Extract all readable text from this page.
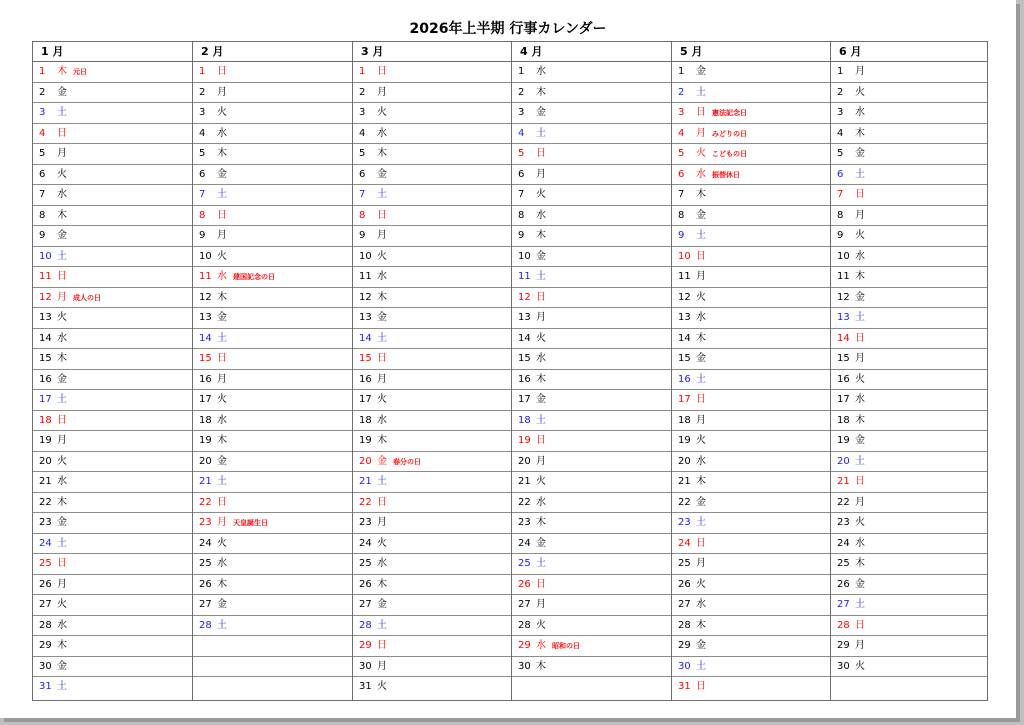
2026年上半期 行事カレンダー
1 月
1 木 元日
2 金
3 土
4 日
5 月
6 火
7 水
8 木
9 金
10 土
11 日
12 月 成人の日
13 火
14 水
15 木
16 金
17 土
18 日
19 月
20 火
21 水
22 木
23 金
24 土
25 日
26 月
27 火
28 水
29 木
30 金
31 土
2 月
1 日
2 月
3 火
4 水
5 木
6 金
7 土
8 日
9 月
10 火
11 水 建国記念の日
12 木
13 金
14 土
15 日
16 月
17 火
18 水
19 木
20 金
21 土
22 日
23 月 天皇誕生日
24 火
25 水
26 木
27 金
28 土
3 月
1 日
2 月
3 火
4 水
5 木
6 金
7 土
8 日
9 月
10 火
11 水
12 木
13 金
14 土
15 日
16 月
17 火
18 水
19 木
20 金 春分の日
21 土
22 日
23 月
24 火
25 水
26 木
27 金
28 土
29 日
30 月
31 火
4 月
1 水
2 木
3 金
4 土
5 日
6 月
7 火
8 水
9 木
10 金
11 土
12 日
13 月
14 火
15 水
16 木
17 金
18 土
19 日
20 月
21 火
22 水
23 木
24 金
25 土
26 日
27 月
28 火
29 水 昭和の日
30 木
5 月
1 金
2 土
3 日 憲法記念日
4 月 みどりの日
5 火 こどもの日
6 水 振替休日
7 木
8 金
9 土
10 日
11 月
12 火
13 水
14 木
15 金
16 土
17 日
18 月
19 火
20 水
21 木
22 金
23 土
24 日
25 月
26 火
27 水
28 木
29 金
30 土
31 日
6 月
1 月
2 火
3 水
4 木
5 金
6 土
7 日
8 月
9 火
10 水
11 木
12 金
13 土
14 日
15 月
16 火
17 水
18 木
19 金
20 土
21 日
22 月
23 火
24 水
25 木
26 金
27 土
28 日
29 月
30 火
